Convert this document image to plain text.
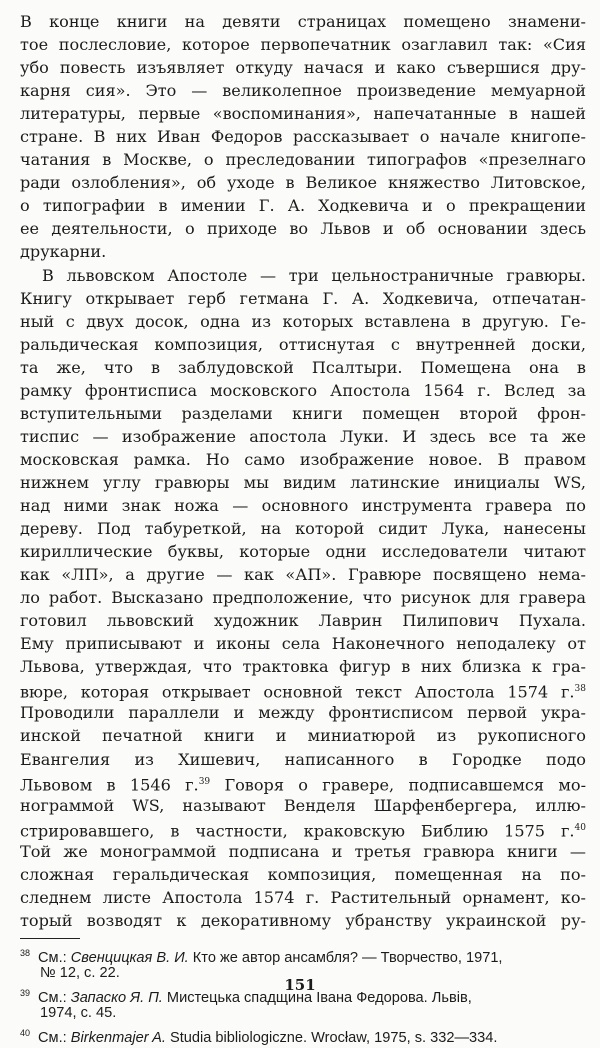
В конце книги на девяти страницах помещено знамени-
тое послесловие, которое первопечатник озаглавил так: «Сия
убо повесть изъявляет откуду начася и како съвершися дру-
карня сия». Это — великолепное произведение мемуарной
литературы, первые «воспоминания», напечатанные в нашей
стране. В них Иван Федоров рассказывает о начале книгопе-
чатания в Москве, о преследовании типографов «презелнаго
ради озлобления», об уходе в Великое княжество Литовское,
о типографии в имении Г. А. Ходкевича и о прекращении
ее деятельности, о приходе во Львов и об основании здесь
друкарни.
В львовском Апостоле — три цельностраничные гравюры.
Книгу открывает герб гетмана Г. А. Ходкевича, отпечатан-
ный с двух досок, одна из которых вставлена в другую. Ге-
ральдическая композиция, оттиснутая с внутренней доски,
та же, что в заблудовской Псалтыри. Помещена она в
рамку фронтисписа московского Апостола 1564 г. Вслед за
вступительными разделами книги помещен второй фрон-
тиспис — изображение апостола Луки. И здесь все та же
московская рамка. Но само изображение новое. В правом
нижнем углу гравюры мы видим латинские инициалы WS,
над ними знак ножа — основного инструмента гравера по
дереву. Под табуреткой, на которой сидит Лука, нанесены
кириллические буквы, которые одни исследователи читают
как «ЛП», а другие — как «АП». Гравюре посвящено нема-
ло работ. Высказано предположение, что рисунок для гравера
готовил львовский художник Лаврин Пилипович Пухала.
Ему приписывают и иконы села Наконечного неподалеку от
Львова, утверждая, что трактовка фигур в них близка к гра-
вюре, которая открывает основной текст Апостола 1574 г.$^{38}$
Проводили параллели и между фронтисписом первой укра-
инской печатной книги и миниатюрой из рукописного
Евангелия из Хишевич, написанного в Городке подо
Львовом в 1546 г.$^{39}$ Говоря о гравере, подписавшемся мо-
нограммой WS, называют Венделя Шарфенбергера, иллю-
стрировавшего, в частности, краковскую Библию 1575 г.$^{40}$
Той же монограммой подписана и третья гравюра книги —
сложная геральдическая композиция, помещенная на по-
следнем листе Апостола 1574 г. Растительный орнамент, ко-
торый возводят к декоративному убранству украинской ру-
38 См.: Свенцицкая В. И. Кто же автор ансамбля? — Творчество, 1971,
№ 12, с. 22.
39 См.: Запаско Я. П. Мистецька спадщина Івана Федорова. Львів,
1974, с. 45.
40 См.: Birkenmajer A. Studia bibliologiczne. Wrocław, 1975, s. 332—334.
151
